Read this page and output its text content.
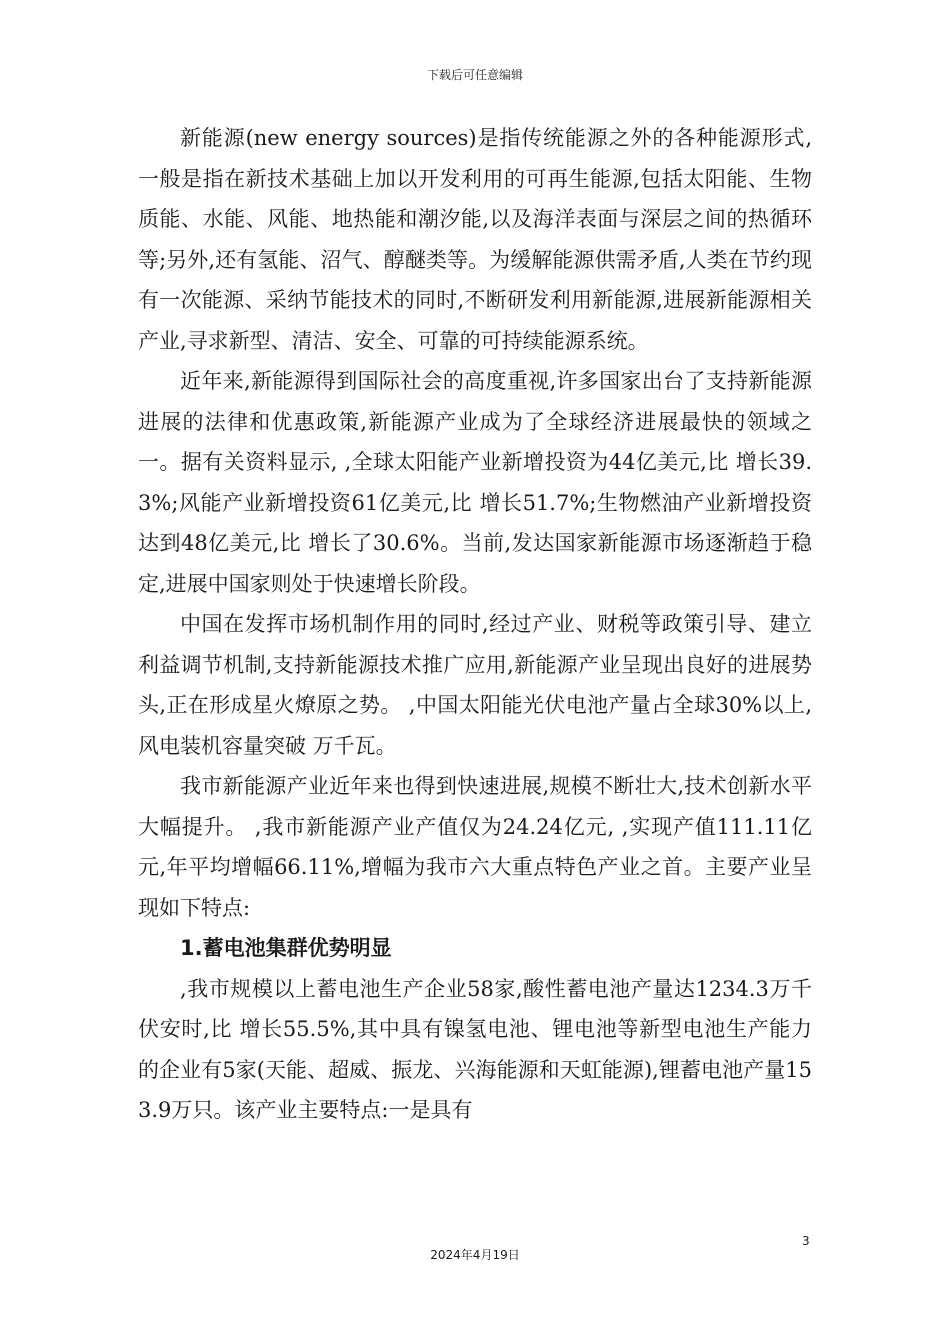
下载后可任意编辑

新能源(new energy sources)是指传统能源之外的各种能源形式,一般是指在新技术基础上加以开发利用的可再生能源,包括太阳能、生物质能、水能、风能、地热能和潮汐能,以及海洋表面与深层之间的热循环等;另外,还有氢能、沼气、醇醚类等。为缓解能源供需矛盾,人类在节约现有一次能源、采纳节能技术的同时,不断研发利用新能源,进展新能源相关产业,寻求新型、清洁、安全、可靠的可持续能源系统。

近年来,新能源得到国际社会的高度重视,许多国家出台了支持新能源进展的法律和优惠政策,新能源产业成为了全球经济进展最快的领域之一。据有关资料显示, ,全球太阳能产业新增投资为44亿美元,比 增长39.3%;风能产业新增投资61亿美元,比 增长51.7%;生物燃油产业新增投资达到48亿美元,比 增长了30.6%。当前,发达国家新能源市场逐渐趋于稳定,进展中国家则处于快速增长阶段。

中国在发挥市场机制作用的同时,经过产业、财税等政策引导、建立利益调节机制,支持新能源技术推广应用,新能源产业呈现出良好的进展势头,正在形成星火燎原之势。 ,中国太阳能光伏电池产量占全球30%以上,风电装机容量突破 万千瓦。

我市新能源产业近年来也得到快速进展,规模不断壮大,技术创新水平大幅提升。 ,我市新能源产业产值仅为24.24亿元, ,实现产值111.11亿元,年平均增幅66.11%,增幅为我市六大重点特色产业之首。主要产业呈现如下特点:

1.蓄电池集群优势明显

,我市规模以上蓄电池生产企业58家,酸性蓄电池产量达1234.3万千伏安时,比 增长55.5%,其中具有镍氢电池、锂电池等新型电池生产能力的企业有5家(天能、超威、振龙、兴海能源和天虹能源),锂蓄电池产量153.9万只。该产业主要特点:一是具有

3
2024年4月19日
